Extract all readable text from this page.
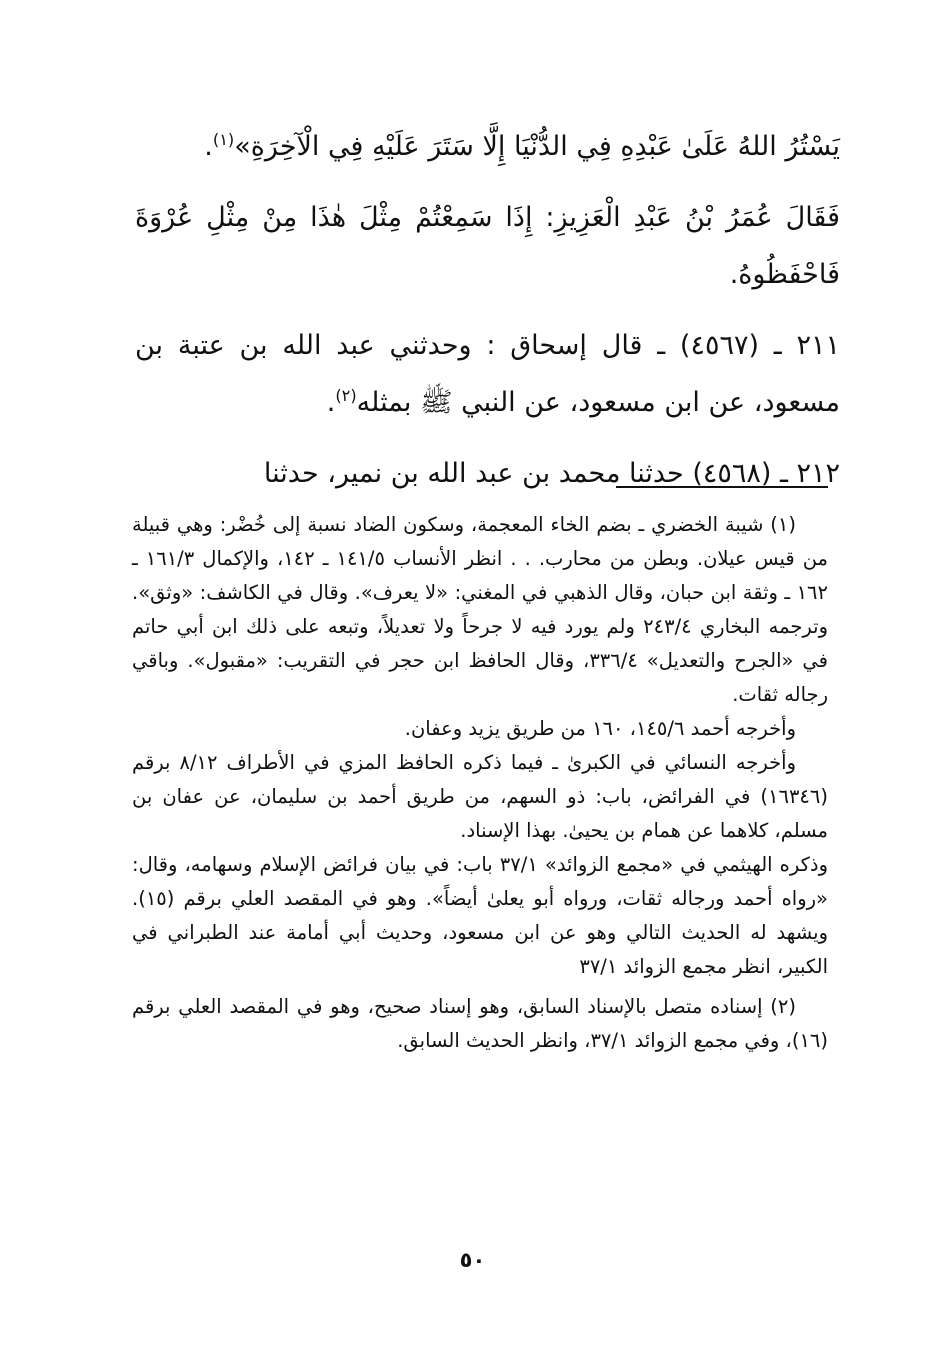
يَسْتُرُ اللهُ عَلَىٰ عَبْدِهِ فِي الدُّنْيَا إِلَّا سَتَرَ عَلَيْهِ فِي الْآخِرَةِ»$^{(١)}$.

فَقَالَ عُمَرُ بْنُ عَبْدِ الْعَزِيزِ: إِذَا سَمِعْتُمْ مِثْلَ هٰذَا مِنْ مِثْلِ عُرْوَةَ فَاحْفَظُوهُ.

٢١١ ـ (٤٥٦٧) ـ قال إسحاق : وحدثني عبد الله بن عتبة بن مسعود، عن ابن مسعود، عن النبي ﷺ بمثله$^{(٢)}$.

٢١٢ ـ (٤٥٦٨) حدثنا محمد بن عبد الله بن نمير، حدثنا

(١) شيبة الخضري ـ بضم الخاء المعجمة، وسكون الضاد نسبة إلى خُضْر: وهي قبيلة من قيس عيلان. وبطن من محارب. . . انظر الأنساب ١٤١/٥ ـ ١٤٢، والإكمال ١٦١/٣ ـ ١٦٢ ـ وثقة ابن حبان، وقال الذهبي في المغني: «لا يعرف». وقال في الكاشف: «وثق». وترجمه البخاري ٢٤٣/٤ ولم يورد فيه لا جرحاً ولا تعديلاً، وتبعه على ذلك ابن أبي حاتم في «الجرح والتعديل» ٣٣٦/٤، وقال الحافظ ابن حجر في التقريب: «مقبول». وباقي رجاله ثقات.

وأخرجه أحمد ١٤٥/٦، ١٦٠ من طريق يزيد وعفان.

وأخرجه النسائي في الكبرىٰ ـ فيما ذكره الحافظ المزي في الأطراف ٨/١٢ برقم (١٦٣٤٦) في الفرائض، باب: ذو السهم، من طريق أحمد بن سليمان، عن عفان بن مسلم، كلاهما عن همام بن يحيىٰ. بهذا الإسناد.

وذكره الهيثمي في «مجمع الزوائد» ٣٧/١ باب: في بيان فرائض الإسلام وسهامه، وقال: «رواه أحمد ورجاله ثقات، ورواه أبو يعلىٰ أيضاً». وهو في المقصد العلي برقم (١٥). ويشهد له الحديث التالي وهو عن ابن مسعود، وحديث أبي أمامة عند الطبراني في الكبير، انظر مجمع الزوائد ٣٧/١

(٢) إسناده متصل بالإسناد السابق، وهو إسناد صحيح، وهو في المقصد العلي برقم (١٦)، وفي مجمع الزوائد ٣٧/١، وانظر الحديث السابق.

٥٠
